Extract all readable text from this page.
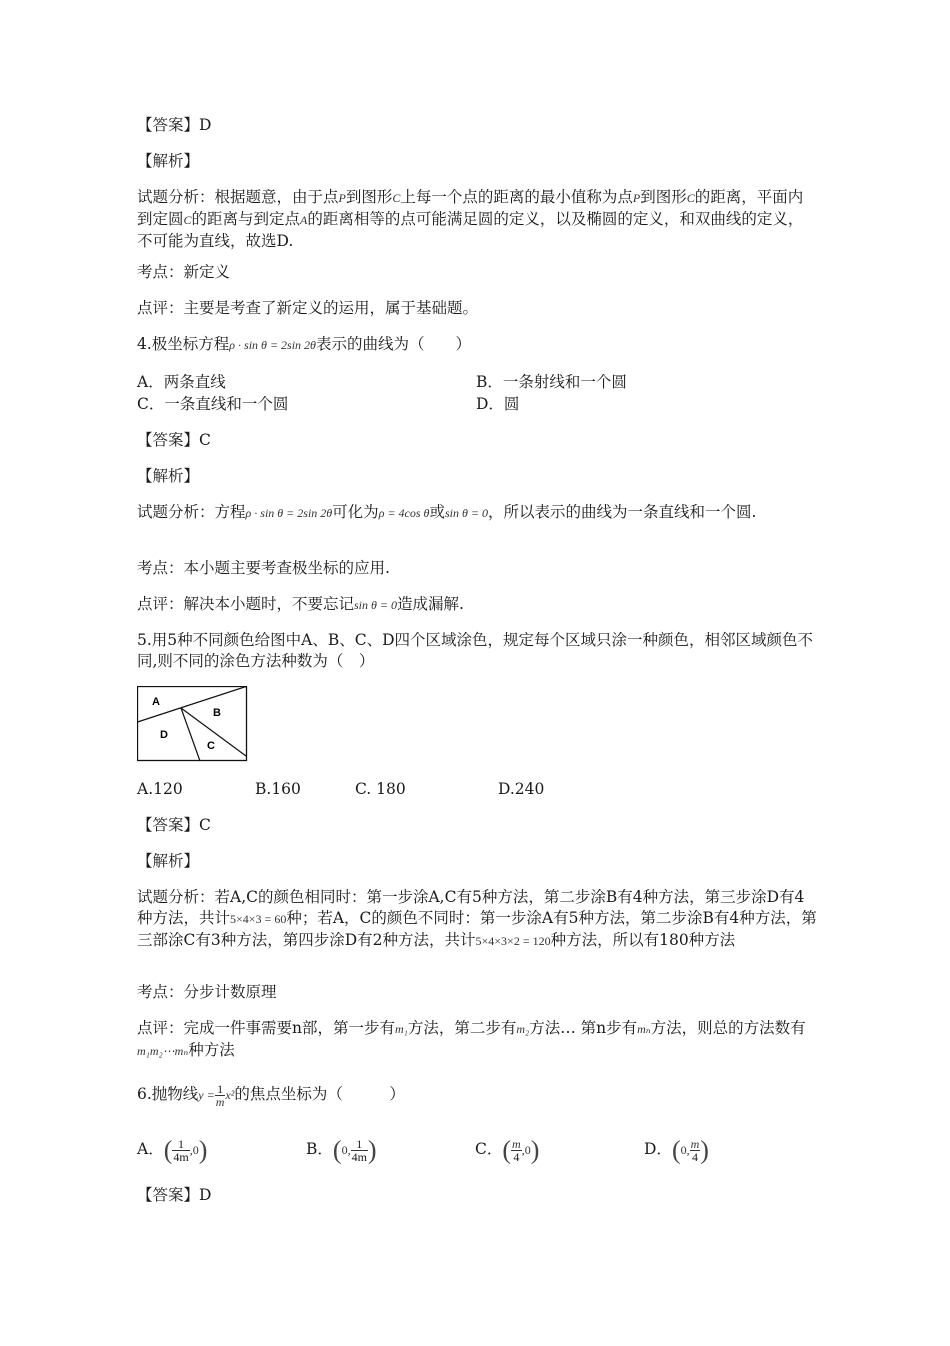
【答案】D
【解析】
试题分析：根据题意，由于点P到图形C上每一个点的距离的最小值称为点P到图形C的距离，平面内到定圆C的距离与到定点A的距离相等的点可能满足圆的定义，以及椭圆的定义，和双曲线的定义，不可能为直线，故选D.
考点：新定义
点评：主要是考查了新定义的运用，属于基础题。
4.极坐标方程ρ · sin θ = 2sin 2θ表示的曲线为（　　）
A．两条直线	B．一条射线和一个圆
C．一条直线和一个圆	D．圆
【答案】C
【解析】
试题分析：方程ρ · sin θ = 2sin 2θ可化为ρ = 4cos θ或sin θ = 0，所以表示的曲线为一条直线和一个圆.
考点：本小题主要考查极坐标的应用.
点评：解决本小题时，不要忘记sin θ = 0造成漏解.
5.用5种不同颜色给图中A、B、C、D四个区域涂色，规定每个区域只涂一种颜色，相邻区域颜色不同,则不同的涂色方法种数为（　）
A
B
D
C
A.120	B.160	C. 180	D.240
【答案】C
【解析】
试题分析：若A,C的颜色相同时：第一步涂A,C有5种方法，第二步涂B有4种方法，第三步涂D有4种方法，共计5×4×3 = 60种；若A，C的颜色不同时：第一步涂A有5种方法，第二步涂B有4种方法，第三部涂C有3种方法，第四步涂D有2种方法，共计5×4×3×2 = 120种方法，所以有180种方法
考点：分步计数原理
点评：完成一件事需要n部，第一步有m₁方法，第二步有m₂方法… 第n步有mₙ方法，则总的方法数有m₁m₂⋯mₙ种方法
6.抛物线$y = \frac{1}{m} x^2$的焦点坐标为（　　　）
A．( $\frac{1}{4m} ,0$)	B．(0, $\frac{1}{4m}$ )	C．( $\frac{m}{4} ,0$)	D．(0, $\frac{m}{4}$ )
【答案】D
